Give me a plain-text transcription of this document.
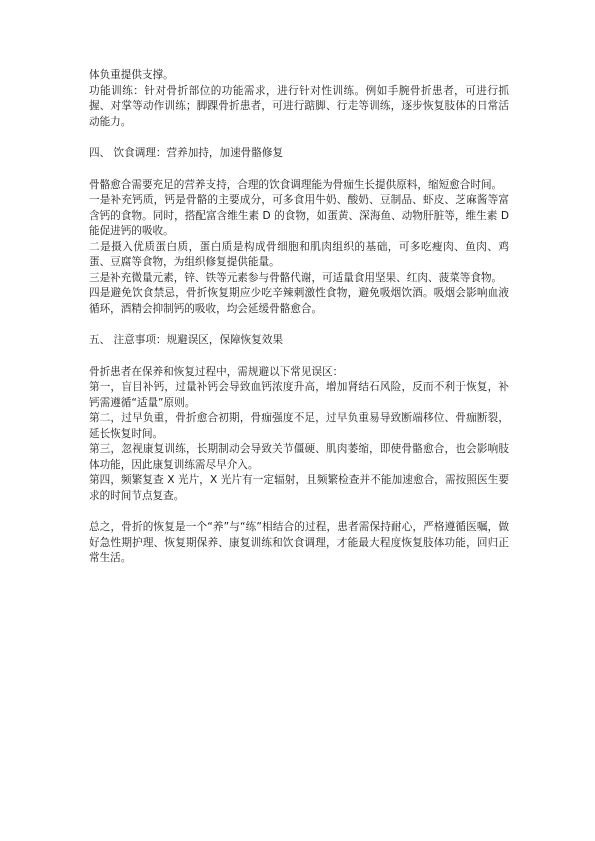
体负重提供支撑。

功能训练：针对骨折部位的功能需求，进行针对性训练。例如手腕骨折患者，可进行抓握、对掌等动作训练；脚踝骨折患者，可进行踮脚、行走等训练，逐步恢复肢体的日常活动能力。

四、 饮食调理：营养加持，加速骨骼修复

骨骼愈合需要充足的营养支持，合理的饮食调理能为骨痂生长提供原料，缩短愈合时间。

一是补充钙质，钙是骨骼的主要成分，可多食用牛奶、酸奶、豆制品、虾皮、芝麻酱等富含钙的食物。同时，搭配富含维生素 D 的食物，如蛋黄、深海鱼、动物肝脏等，维生素 D 能促进钙的吸收。

二是摄入优质蛋白质，蛋白质是构成骨细胞和肌肉组织的基础，可多吃瘦肉、鱼肉、鸡蛋、豆腐等食物，为组织修复提供能量。

三是补充微量元素，锌、铁等元素参与骨骼代谢，可适量食用坚果、红肉、菠菜等食物。

四是避免饮食禁忌，骨折恢复期应少吃辛辣刺激性食物，避免吸烟饮酒。吸烟会影响血液循环，酒精会抑制钙的吸收，均会延缓骨骼愈合。

五、 注意事项：规避误区，保障恢复效果

骨折患者在保养和恢复过程中，需规避以下常见误区：

第一，盲目补钙，过量补钙会导致血钙浓度升高，增加肾结石风险，反而不利于恢复，补钙需遵循“适量”原则。

第二，过早负重，骨折愈合初期，骨痂强度不足，过早负重易导致断端移位、骨痂断裂，延长恢复时间。

第三，忽视康复训练，长期制动会导致关节僵硬、肌肉萎缩，即使骨骼愈合，也会影响肢体功能，因此康复训练需尽早介入。

第四，频繁复查 X 光片，X 光片有一定辐射，且频繁检查并不能加速愈合，需按照医生要求的时间节点复查。

总之，骨折的恢复是一个“养”与“练”相结合的过程，患者需保持耐心，严格遵循医嘱，做好急性期护理、恢复期保养、康复训练和饮食调理，才能最大程度恢复肢体功能，回归正常生活。
